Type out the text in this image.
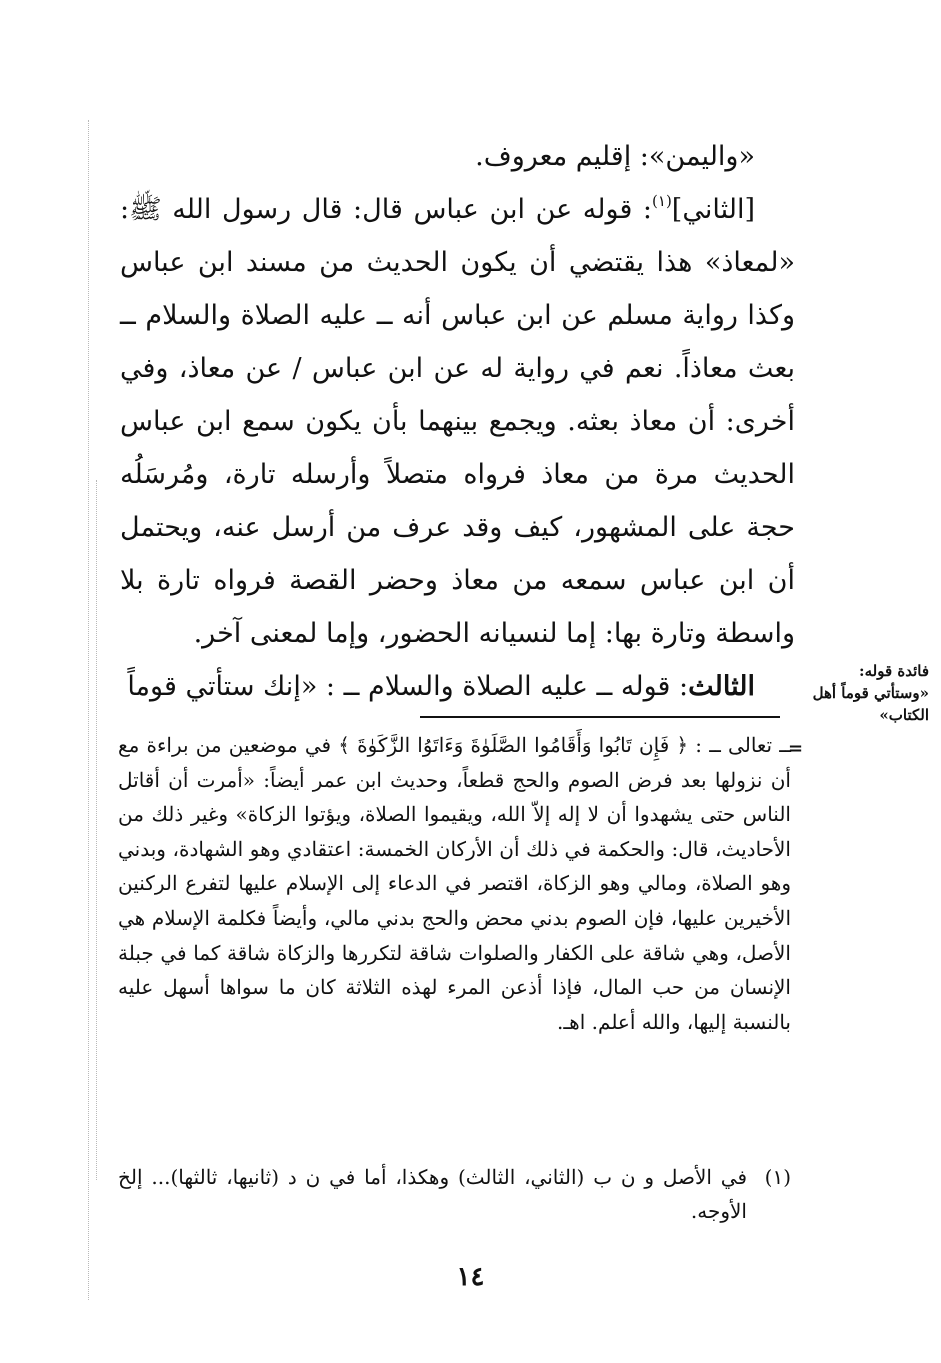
«واليمن»: إقليم معروف.

[الثاني]$^{(١)}$: قوله عن ابن عباس قال: قال رسول الله ﷺ: «لمعاذ» هذا يقتضي أن يكون الحديث من مسند ابن عباس وكذا رواية مسلم عن ابن عباس أنه ــ عليه الصلاة والسلام ــ بعث معاذاً. نعم في رواية له عن ابن عباس / عن معاذ، وفي أخرى: أن معاذ بعثه. ويجمع بينهما بأن يكون سمع ابن عباس الحديث مرة من معاذ فرواه متصلاً وأرسله تارة، ومُرسَلُه حجة على المشهور، كيف وقد عرف من أرسل عنه، ويحتمل أن ابن عباس سمعه من معاذ وحضر القصة فرواه تارة بلا واسطة وتارة بها: إما لنسيانه الحضور، وإما لمعنى آخر.

الثالث: قوله ــ عليه الصلاة والسلام ــ : «إنك ستأتي قوماً	فائدة قوله: «وستأتي قوماً أهل الكتاب»
=

ــ تعالى ــ : ﴿ فَإِن تَابُوا وَأَقَامُوا الصَّلَوٰةَ وَءَاتَوُا الزَّكَوٰةَ ﴾ في موضعين من براءة مع أن نزولها بعد فرض الصوم والحج قطعاً، وحديث ابن عمر أيضاً: «أمرت أن أقاتل الناس حتى يشهدوا أن لا إله إلاّ الله، ويقيموا الصلاة، ويؤتوا الزكاة» وغير ذلك من الأحاديث، قال: والحكمة في ذلك أن الأركان الخمسة: اعتقادي وهو الشهادة، وبدني وهو الصلاة، ومالي وهو الزكاة، اقتصر في الدعاء إلى الإسلام عليها لتفرع الركنين الأخيرين عليها، فإن الصوم بدني محض والحج بدني مالي، وأيضاً فكلمة الإسلام هي الأصل، وهي شاقة على الكفار والصلوات شاقة لتكررها والزكاة شاقة كما في جبلة الإنسان من حب المال، فإذا أذعن المرء لهذه الثلاثة كان ما سواها أسهل عليه بالنسبة إليها، والله أعلم. اهـ.

(١)
في الأصل و ن ب (الثاني، الثالث) وهكذا، أما في ن د (ثانيها، ثالثها)... إلخ الأوجه.
١٤
